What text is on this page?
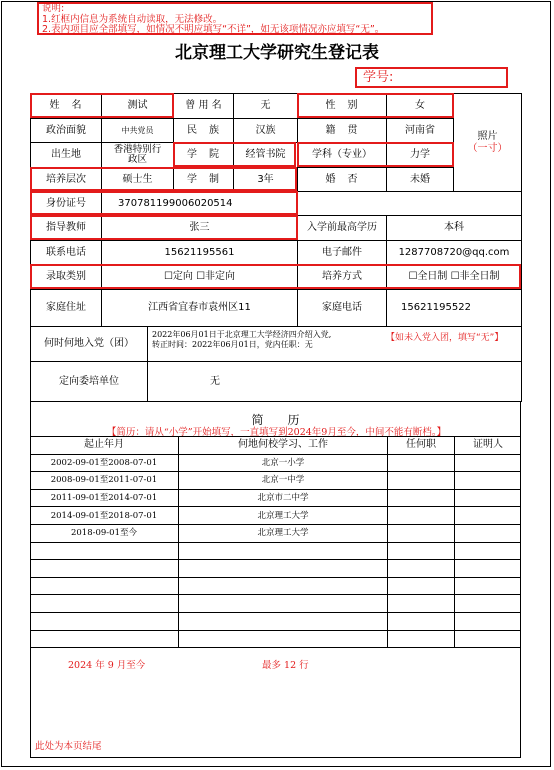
说明:
1.红框内信息为系统自动读取，无法修改。
2.表内项目应全部填写，如情况不明应填写“不详”，如无该项情况亦应填写“无”。
北京理工大学研究生登记表
学号:
姓　名	测试	曾 用 名	无	性　别	女
照片
（一寸）
政治面貌	中共党员	民　族	汉族	籍　贯	河南省
出生地	香港特别行政区	学　院	经管书院	学科（专业）	力学
培养层次	硕士生	学　制	3年	婚　否	未婚
身份证号	370781199006020514
指导教师	张三	入学前最高学历	本科
联系电话	15621195561	电子邮件	1287708720@qq.com
录取类别	☐定向 ☐非定向	培养方式	☐全日制 ☐非全日制
家庭住址	江西省宜春市袁州区11	家庭电话	15621195522
何时何地入党（团）
2022年06月01日于北京理工大学经济四介绍入党,
转正时间：2022年06月01日，党内任职：无
【如未入党入团，填写“无”】
定向委培单位	无
简　　历
【简历：请从“小学”开始填写，一直填写到2024年9月至今，中间不能有断档。】
起止年月	何地何校学习、工作	任何职	证明人
2002-09-01至2008-07-01	北京一小学
2008-09-01至2011-07-01	北京一中学
2011-09-01至2014-07-01	北京市二中学
2014-09-01至2018-07-01	北京理工大学
2018-09-01至今	北京理工大学
2024 年 9 月至今	最多 12 行
此处为本页结尾
